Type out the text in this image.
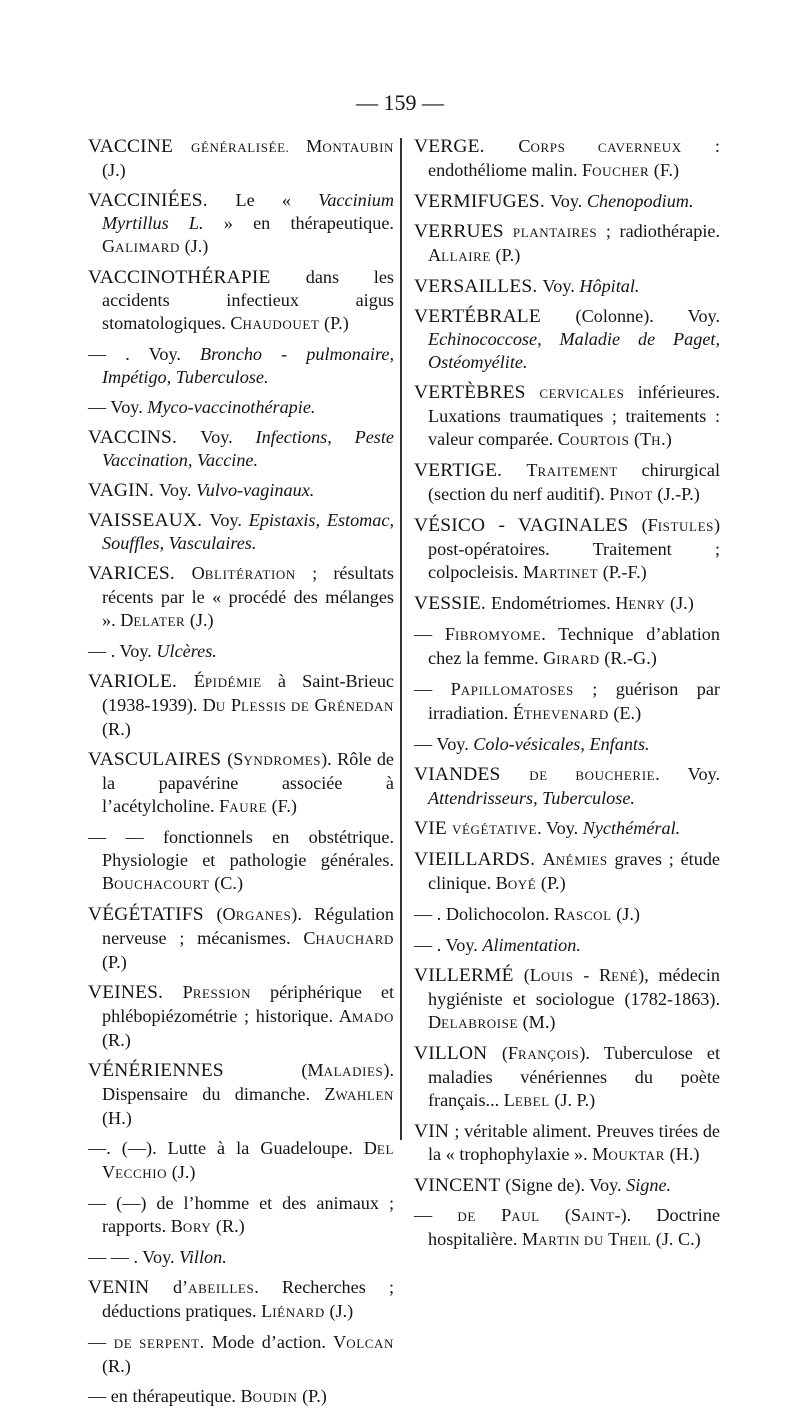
— 159 —
VACCINE GÉNÉRALISÉE. MONTAUBIN (J.)
VACCINIÉES. Le « Vaccinium Myrtillus L. » en thérapeutique. GALIMARD (J.)
VACCINOTHÉRAPIE dans les accidents infectieux aigus stomatologiques. CHAUDOUET (P.)
— . Voy. Broncho - pulmonaire, Impétigo, Tuberculose.
— Voy. Myco-vaccinothérapie.
VACCINS. Voy. Infections, Peste Vaccination, Vaccine.
VAGIN. Voy. Vulvo-vaginaux.
VAISSEAUX. Voy. Epistaxis, Estomac, Souffles, Vasculaires.
VARICES. OBLITÉRATION ; résultats récents par le « procédé des mélanges ». DELATER (J.)
— . Voy. Ulcères.
VARIOLE. ÉPIDÉMIE à Saint-Brieuc (1938-1939). DU PLESSIS DE GRÉNEDAN (R.)
VASCULAIRES (SYNDROMES). Rôle de la papavérine associée à l’acétylcholine. FAURE (F.)
— — fonctionnels en obstétrique. Physiologie et pathologie générales. BOUCHACOURT (C.)
VÉGÉTATIFS (ORGANES). Régulation nerveuse ; mécanismes. CHAUCHARD (P.)
VEINES. PRESSION périphérique et phlébopiézométrie ; historique. AMADO (R.)
VÉNÉRIENNES (MALADIES). Dispensaire du dimanche. ZWAHLEN (H.)
—. (—). Lutte à la Guadeloupe. DEL VECCHIO (J.)
— (—) de l’homme et des animaux ; rapports. BORY (R.)
— — . Voy. Villon.
VENIN d’ABEILLES. Recherches ; déductions pratiques. LIÉNARD (J.)
— DE SERPENT. Mode d’action. VOLCAN (R.)
— en thérapeutique. BOUDIN (P.)
VERGE. CORPS CAVERNEUX : endothéliome malin. FOUCHER (F.)
VERMIFUGES. Voy. Chenopodium.
VERRUES PLANTAIRES ; radiothérapie. ALLAIRE (P.)
VERSAILLES. Voy. Hôpital.
VERTÉBRALE (Colonne). Voy. Echinococcose, Maladie de Paget, Ostéomyélite.
VERTÈBRES CERVICALES inférieures. Luxations traumatiques ; traitements : valeur comparée. COURTOIS (TH.)
VERTIGE. TRAITEMENT chirurgical (section du nerf auditif). PINOT (J.-P.)
VÉSICO - VAGINALES (FISTULES) post-opératoires. Traitement ; colpocleisis. MARTINET (P.-F.)
VESSIE. Endométriomes. HENRY (J.)
— FIBROMYOME. Technique d’ablation chez la femme. GIRARD (R.-G.)
— PAPILLOMATOSES ; guérison par irradiation. ÉTHEVENARD (E.)
— Voy. Colo-vésicales, Enfants.
VIANDES DE BOUCHERIE. Voy. Attendrisseurs, Tuberculose.
VIE VÉGÉTATIVE. Voy. Nycthéméral.
VIEILLARDS. ANÉMIES graves ; étude clinique. BOYÉ (P.)
— . Dolichocolon. RASCOL (J.)
— . Voy. Alimentation.
VILLERMÉ (LOUIS - RENÉ), médecin hygiéniste et sociologue (1782-1863). DELABROISE (M.)
VILLON (FRANÇOIS). Tuberculose et maladies vénériennes du poète français... LEBEL (J. P.)
VIN ; véritable aliment. Preuves tirées de la « trophophylaxie ». MOUKTAR (H.)
VINCENT (Signe de). Voy. Signe.
— DE PAUL (SAINT-). Doctrine hospitalière. MARTIN DU THEIL (J. C.)
